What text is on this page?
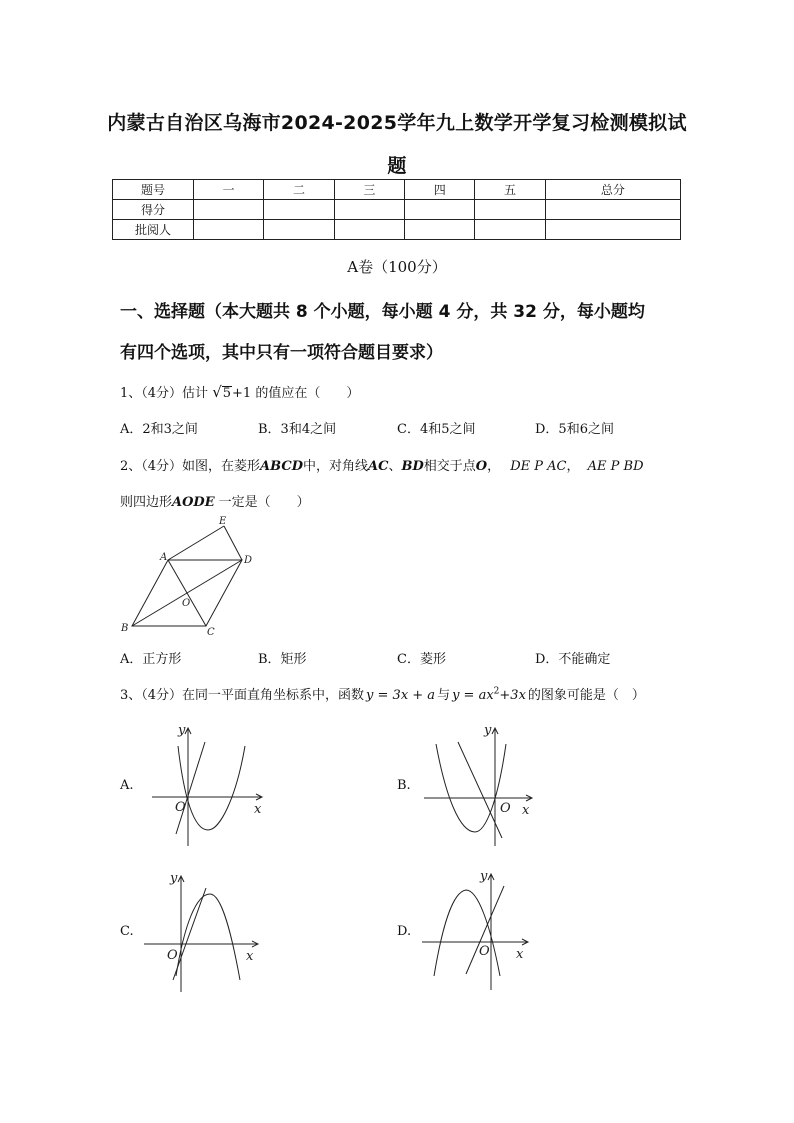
内蒙古自治区乌海市2024-2025学年九上数学开学复习检测模拟试
题
题号	一	二	三	四	五	总分
得分						
批阅人						
A卷（100分）
一、选择题（本大题共 8 个小题，每小题 4 分，共 32 分，每小题均
有四个选项，其中只有一项符合题目要求）
1、（4分）估计 √5+1 的值应在（　　）
A．2和3之间	B．3和4之间	C．4和5之间	D．5和6之间
2、（4分）如图，在菱形ABCD中，对角线AC、BD相交于点O， DE P AC， AE P BD
则四边形AODE 一定是（　　）
E
A	D
O
B	C
A．正方形	B．矩形	C．菱形	D．不能确定
3、（4分）在同一平面直角坐标系中，函数 y = 3x + a 与 $y = ax^2+3x$ 的图象可能是（　）
A.	B.
C.	D.
y
x
O
y
x
O
y
x
O
y
x
O
